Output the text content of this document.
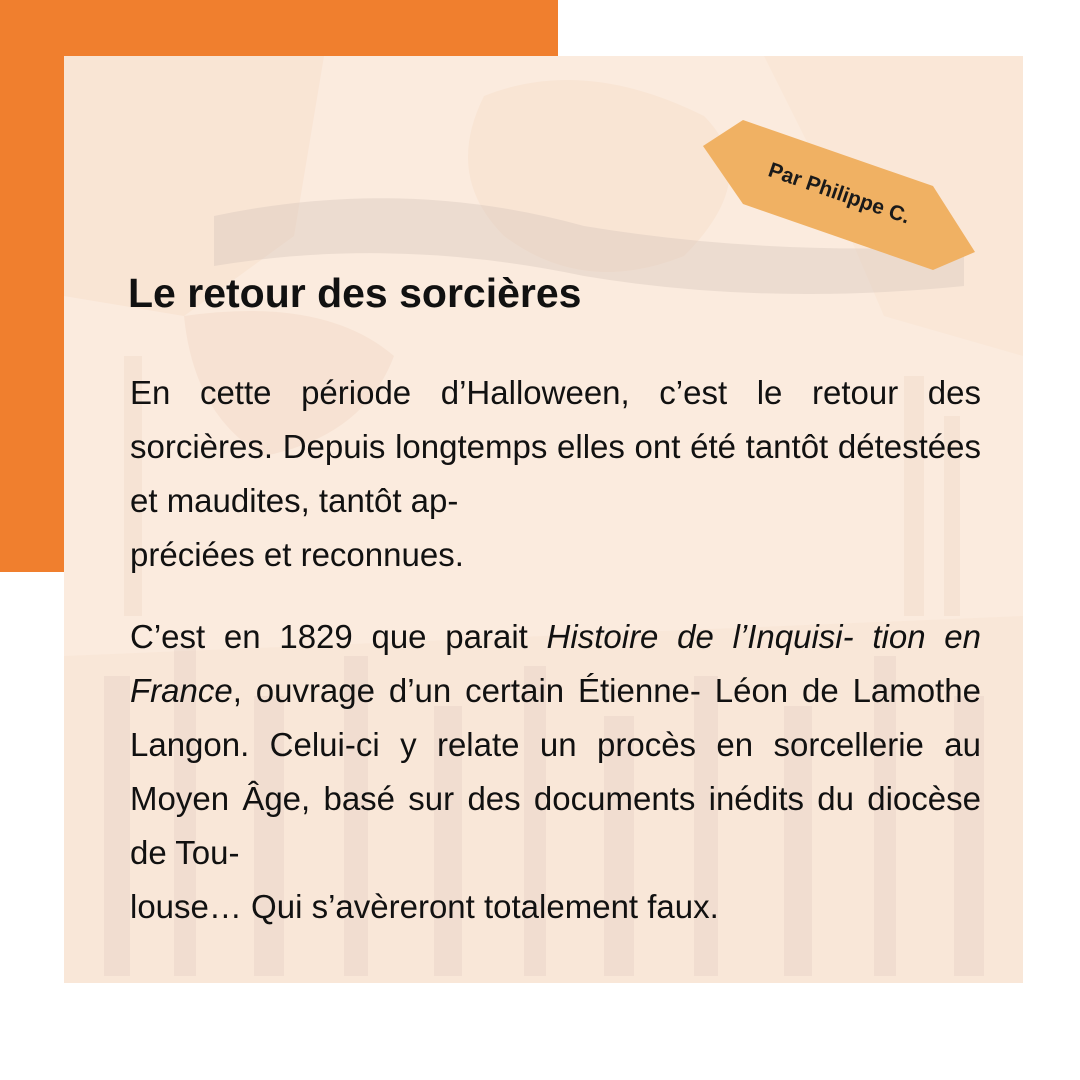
Par Philippe C.
Le retour des sorcières

En cette période d’Halloween, c’est le retour des sorcières. Depuis longtemps elles ont été tantôt détestées et maudites, tantôt ap-
préciées et reconnues.

C’est en 1829 que parait Histoire de l’Inquisi- tion en France, ouvrage d’un certain Étienne- Léon de Lamothe Langon. Celui-ci y relate un procès en sorcellerie au Moyen Âge, basé sur des documents inédits du diocèse de Tou-
louse… Qui s’avèreront totalement faux.
